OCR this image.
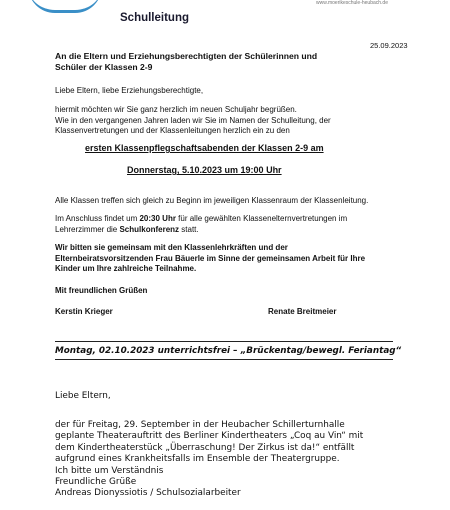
www.moerikeschule-heubach.de
Schulleitung
25.09.2023
An die Eltern und Erziehungsberechtigten der Schülerinnen und
Schüler der Klassen 2-9
Liebe Eltern, liebe Erziehungsberechtigte,
hiermit möchten wir Sie ganz herzlich im neuen Schuljahr begrüßen.
Wie in den vergangenen Jahren laden wir Sie im Namen der Schulleitung, der
Klassenvertretungen und der Klassenleitungen herzlich ein zu den
ersten Klassenpflegschaftsabenden der Klassen 2-9 am
Donnerstag, 5.10.2023 um 19:00 Uhr
Alle Klassen treffen sich gleich zu Beginn im jeweiligen Klassenraum der Klassenleitung.
Im Anschluss findet um 20:30 Uhr für alle gewählten Klassenelternvertretungen im
Lehrerzimmer die Schulkonferenz statt.
Wir bitten sie gemeinsam mit den Klassenlehrkräften und der
Elternbeiratsvorsitzenden Frau Bäuerle im Sinne der gemeinsamen Arbeit für Ihre
Kinder um Ihre zahlreiche Teilnahme.
Mit freundlichen Grüßen
Kerstin Krieger	Renate Breitmeier
Montag, 02.10.2023 unterrichtsfrei – „Brückentag/bewegl. Feriantag“
Liebe Eltern,
der für Freitag, 29. September in der Heubacher Schillerturnhalle
geplante Theaterauftritt des Berliner Kindertheaters „Coq au Vin“ mit
dem Kindertheaterstück „Überraschung! Der Zirkus ist da!“ entfällt
aufgrund eines Krankheitsfalls im Ensemble der Theatergruppe.
Ich bitte um Verständnis
Freundliche Grüße
Andreas Dionyssiotis / Schulsozialarbeiter
